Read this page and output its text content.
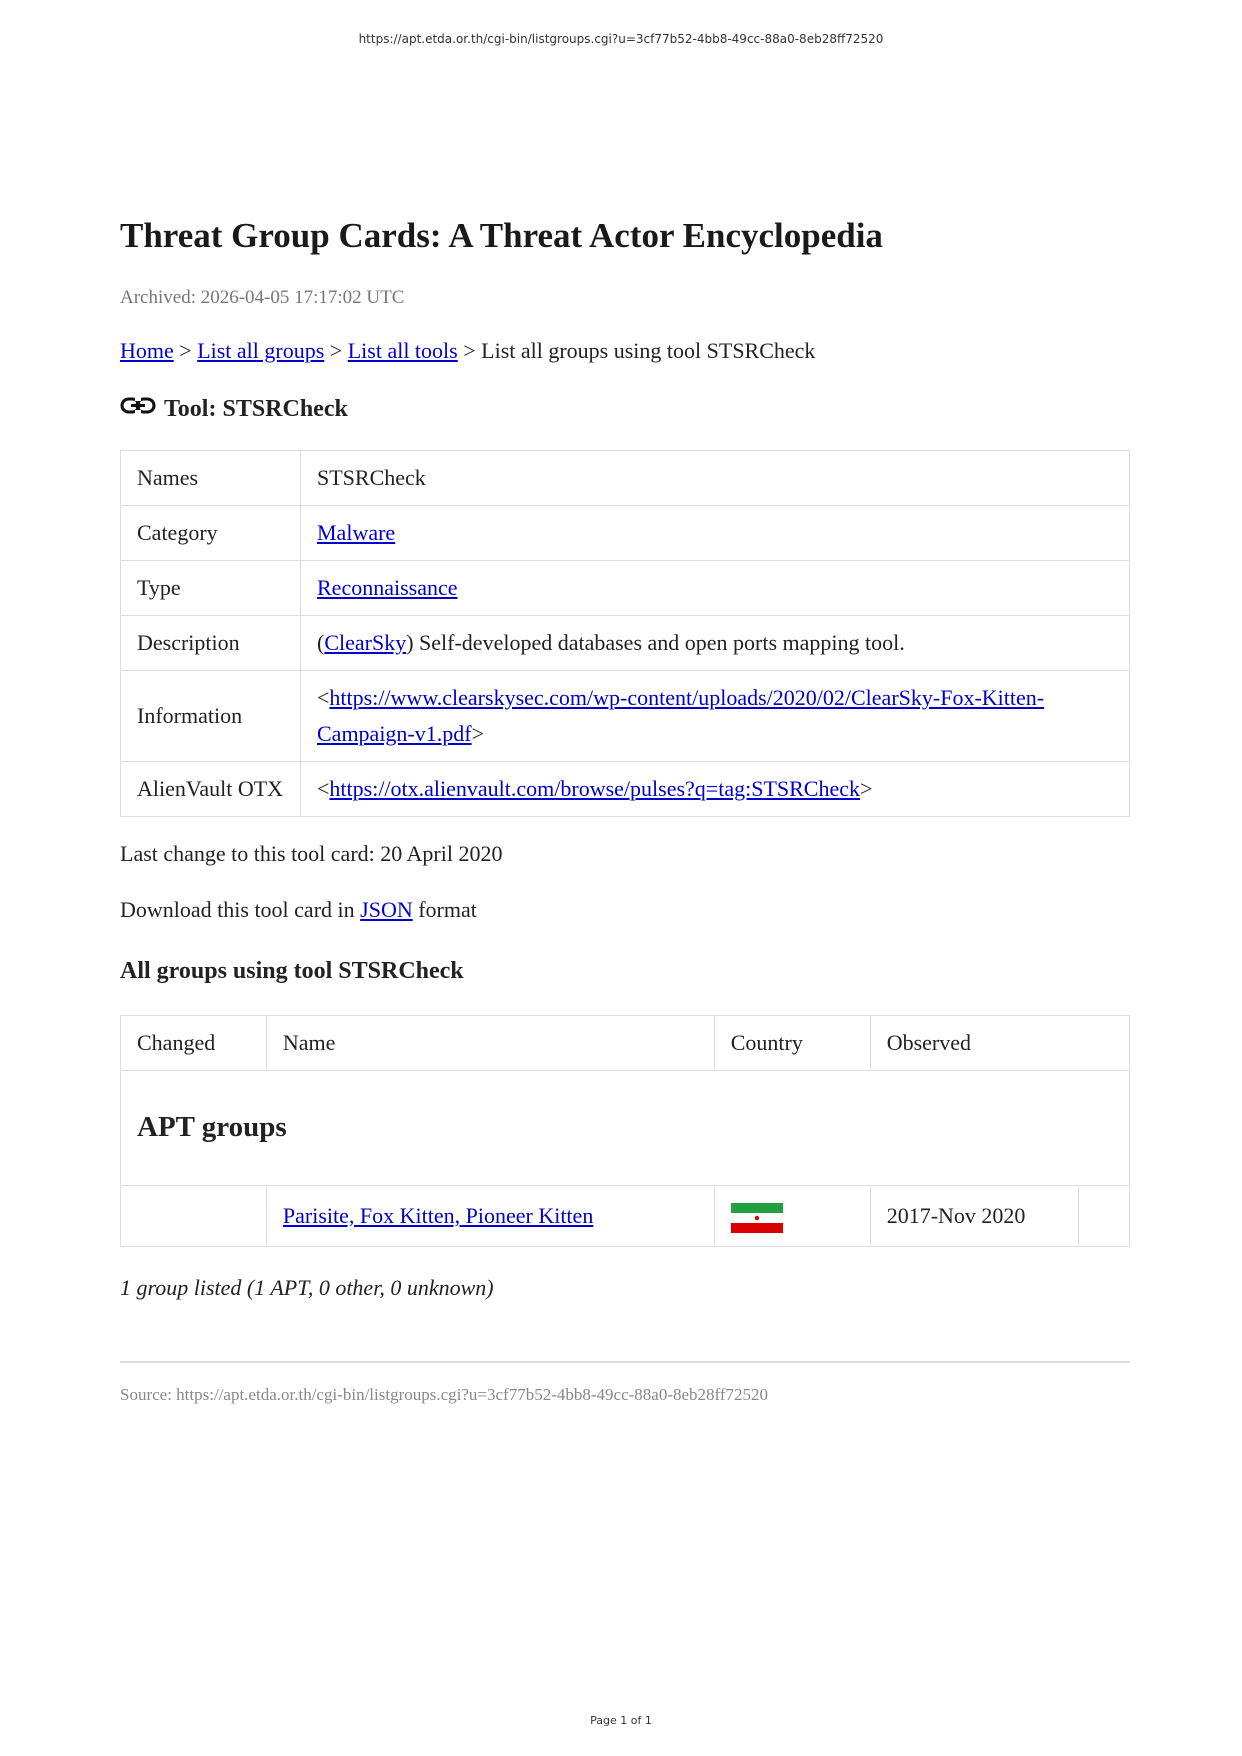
https://apt.etda.or.th/cgi-bin/listgroups.cgi?u=3cf77b52-4bb8-49cc-88a0-8eb28ff72520
Threat Group Cards: A Threat Actor Encyclopedia
Archived: 2026-04-05 17:17:02 UTC
Home > List all groups > List all tools > List all groups using tool STSRCheck
Tool: STSRCheck
Names	STSRCheck
Category	Malware
Type	Reconnaissance
Description	(ClearSky) Self-developed databases and open ports mapping tool.
Information	<https://www.clearskysec.com/wp-content/uploads/2020/02/ClearSky-Fox-Kitten-
Campaign-v1.pdf>
AlienVault OTX	<https://otx.alienvault.com/browse/pulses?q=tag:STSRCheck>
Last change to this tool card: 20 April 2020
Download this tool card in JSON format
All groups using tool STSRCheck
Changed	Name	Country	Observed	
APT groups				
	Parisite, Fox Kitten, Pioneer Kitten		2017-Nov 2020	
1 group listed (1 APT, 0 other, 0 unknown)
Source: https://apt.etda.or.th/cgi-bin/listgroups.cgi?u=3cf77b52-4bb8-49cc-88a0-8eb28ff72520
Page 1 of 1
